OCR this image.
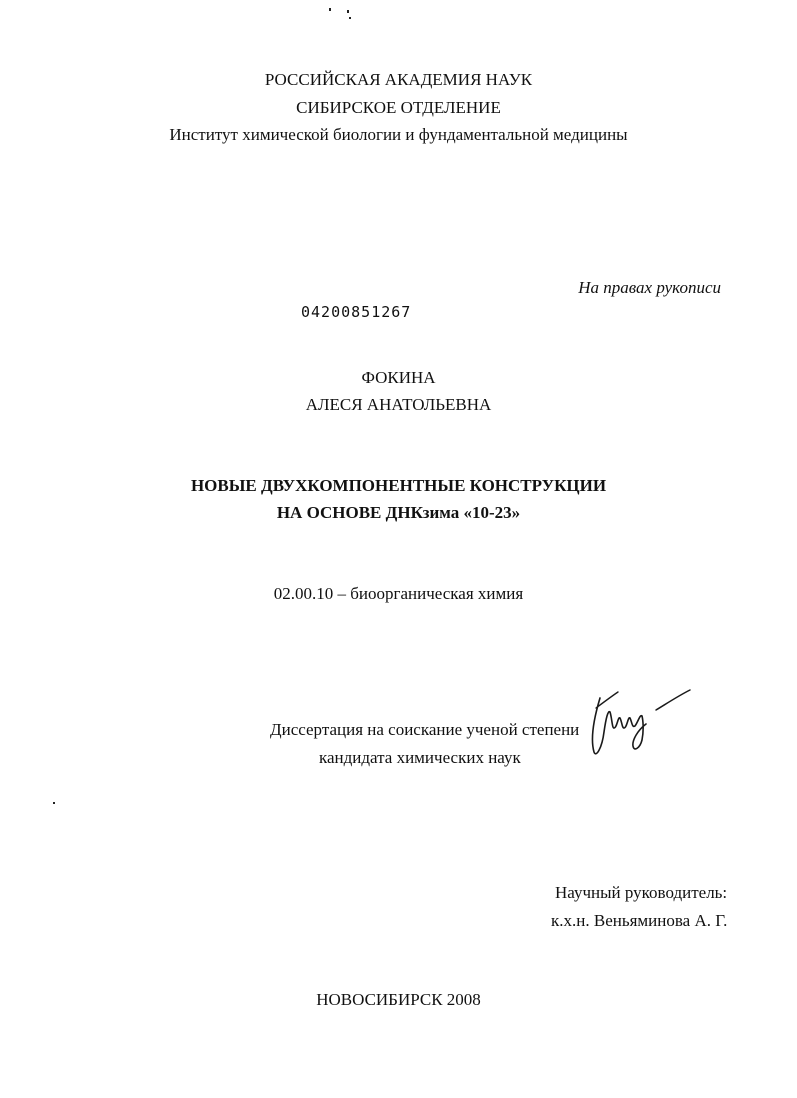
РОССИЙСКАЯ АКАДЕМИЯ НАУК
СИБИРСКОЕ ОТДЕЛЕНИЕ
Институт химической биологии и фундаментальной медицины
На правах рукописи
04200851267
ФОКИНА
АЛЕСЯ АНАТОЛЬЕВНА
НОВЫЕ ДВУХКОМПОНЕНТНЫЕ КОНСТРУКЦИИ
НА ОСНОВЕ ДНКзима «10-23»
02.00.10 – биоорганическая химия
Диссертация на соискание ученой степени
кандидата химических наук
Научный руководитель:
к.х.н. Веньяминова А. Г.
НОВОСИБИРСК 2008
